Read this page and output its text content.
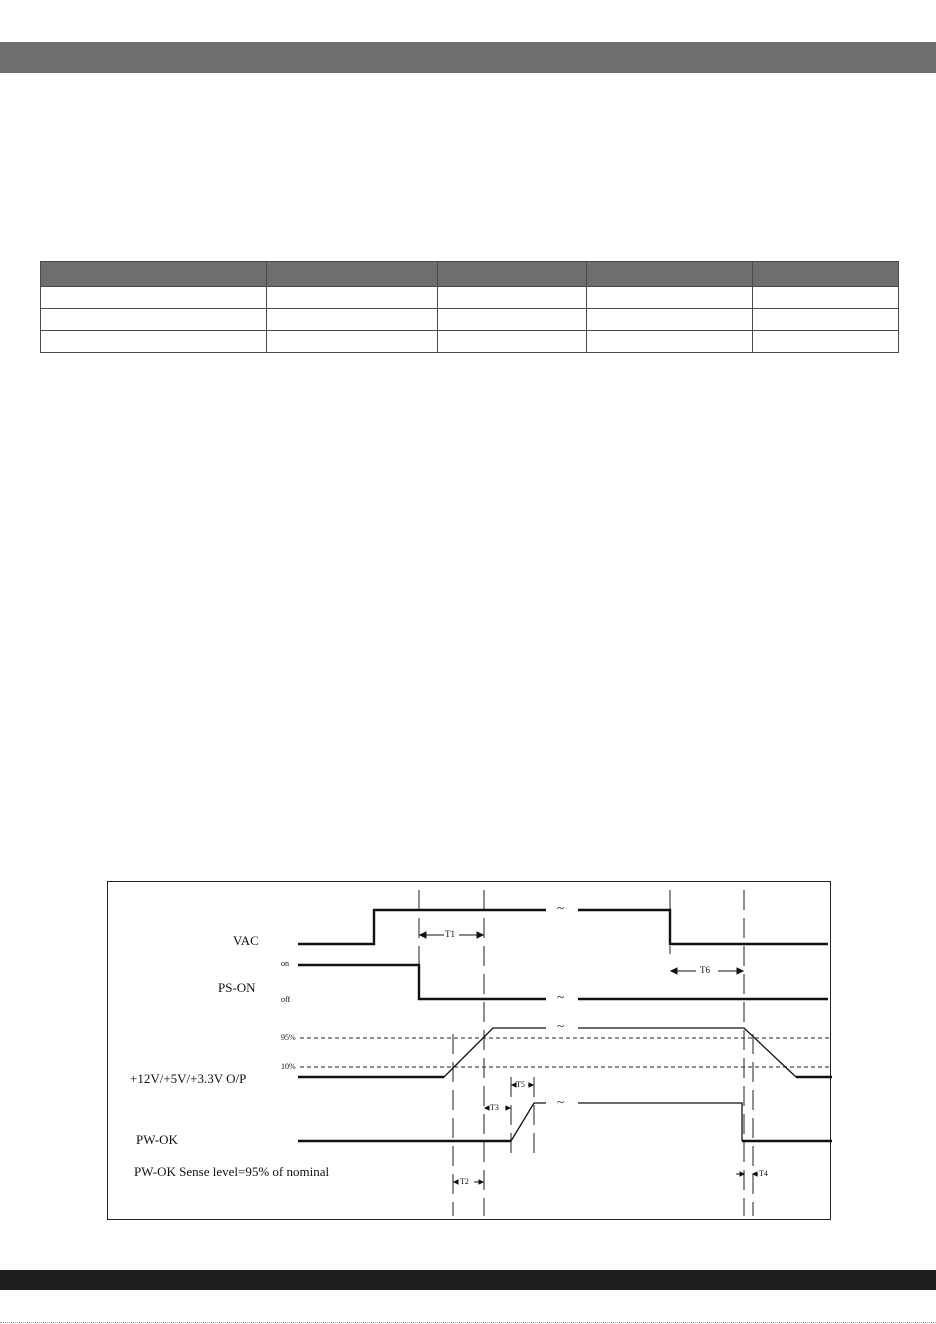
VAC
PS-ON
+12V/+5V/+3.3V O/P
PW-OK
on
off
95%
10%
T1
T6
T3
T5
T2
T4
~
~
~
~
PW-OK Sense level=95% of nominal
